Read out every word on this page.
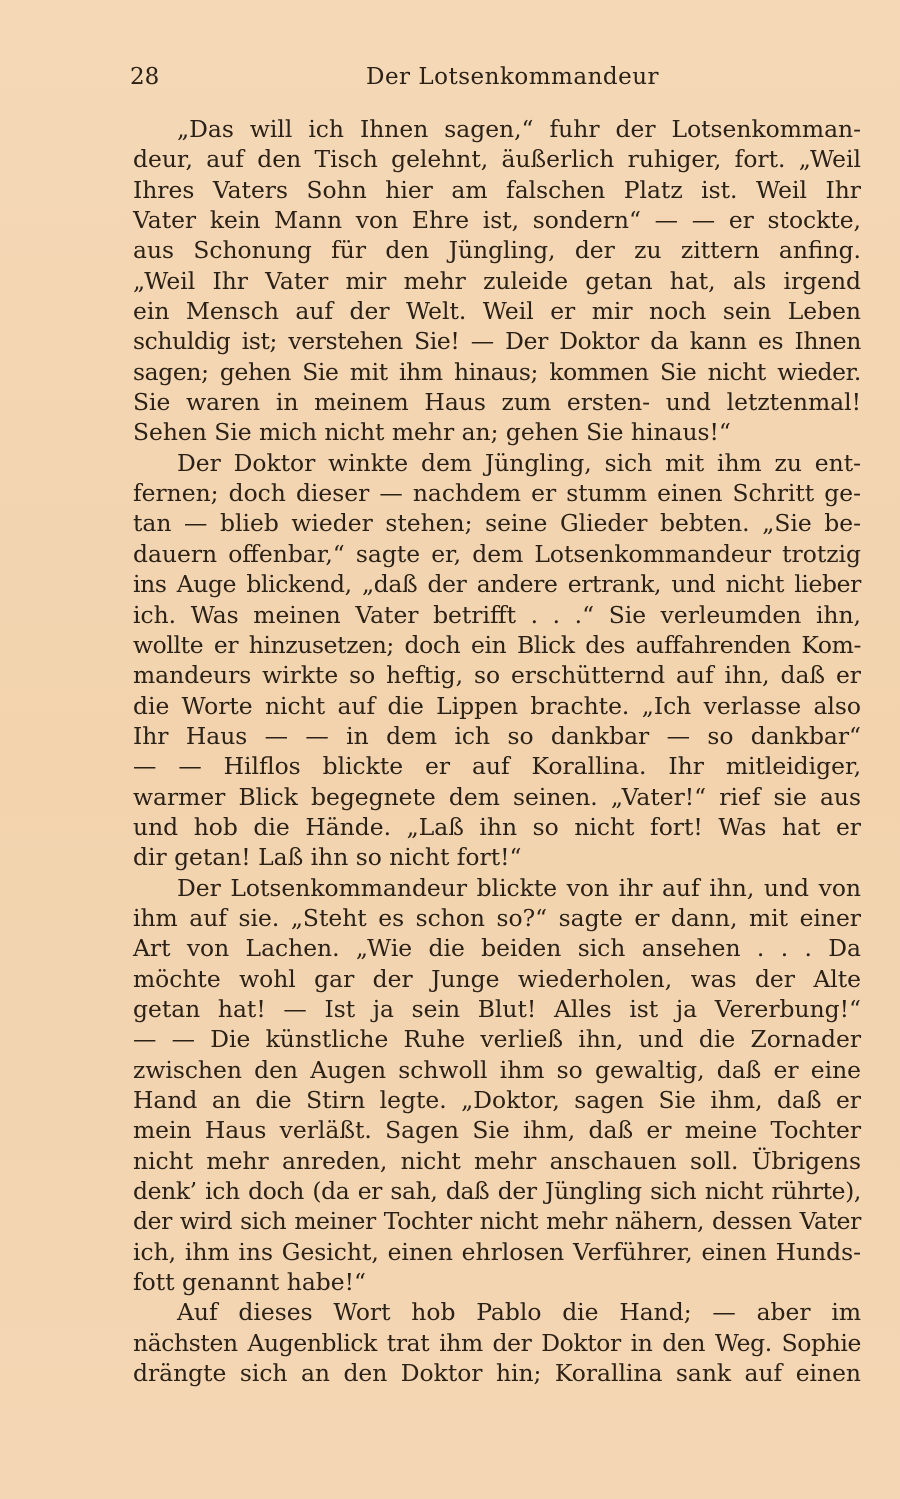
28	Der Lotsenkommandeur
„Das will ich Ihnen sagen,“ fuhr der Lotsenkomman-
deur, auf den Tisch gelehnt, äußerlich ruhiger, fort. „Weil
Ihres Vaters Sohn hier am falschen Platz ist. Weil Ihr
Vater kein Mann von Ehre ist, sondern“ — — er stockte,
aus Schonung für den Jüngling, der zu zittern anfing.
„Weil Ihr Vater mir mehr zuleide getan hat, als irgend
ein Mensch auf der Welt. Weil er mir noch sein Leben
schuldig ist; verstehen Sie! — Der Doktor da kann es Ihnen
sagen; gehen Sie mit ihm hinaus; kommen Sie nicht wieder.
Sie waren in meinem Haus zum ersten- und letztenmal!
Sehen Sie mich nicht mehr an; gehen Sie hinaus!“
Der Doktor winkte dem Jüngling, sich mit ihm zu ent-
fernen; doch dieser — nachdem er stumm einen Schritt ge-
tan — blieb wieder stehen; seine Glieder bebten. „Sie be-
dauern offenbar,“ sagte er, dem Lotsenkommandeur trotzig
ins Auge blickend, „daß der andere ertrank, und nicht lieber
ich. Was meinen Vater betrifft . . .“ Sie verleumden ihn,
wollte er hinzusetzen; doch ein Blick des auffahrenden Kom-
mandeurs wirkte so heftig, so erschütternd auf ihn, daß er
die Worte nicht auf die Lippen brachte. „Ich verlasse also
Ihr Haus — — in dem ich so dankbar — so dankbar“
— — Hilflos blickte er auf Korallina. Ihr mitleidiger,
warmer Blick begegnete dem seinen. „Vater!“ rief sie aus
und hob die Hände. „Laß ihn so nicht fort! Was hat er
dir getan! Laß ihn so nicht fort!“
Der Lotsenkommandeur blickte von ihr auf ihn, und von
ihm auf sie. „Steht es schon so?“ sagte er dann, mit einer
Art von Lachen. „Wie die beiden sich ansehen . . . Da
möchte wohl gar der Junge wiederholen, was der Alte
getan hat! — Ist ja sein Blut! Alles ist ja Vererbung!“
— — Die künstliche Ruhe verließ ihn, und die Zornader
zwischen den Augen schwoll ihm so gewaltig, daß er eine
Hand an die Stirn legte. „Doktor, sagen Sie ihm, daß er
mein Haus verläßt. Sagen Sie ihm, daß er meine Tochter
nicht mehr anreden, nicht mehr anschauen soll. Übrigens
denk’ ich doch (da er sah, daß der Jüngling sich nicht rührte),
der wird sich meiner Tochter nicht mehr nähern, dessen Vater
ich, ihm ins Gesicht, einen ehrlosen Verführer, einen Hunds-
fott genannt habe!“
Auf dieses Wort hob Pablo die Hand; — aber im
nächsten Augenblick trat ihm der Doktor in den Weg. Sophie
drängte sich an den Doktor hin; Korallina sank auf einen
